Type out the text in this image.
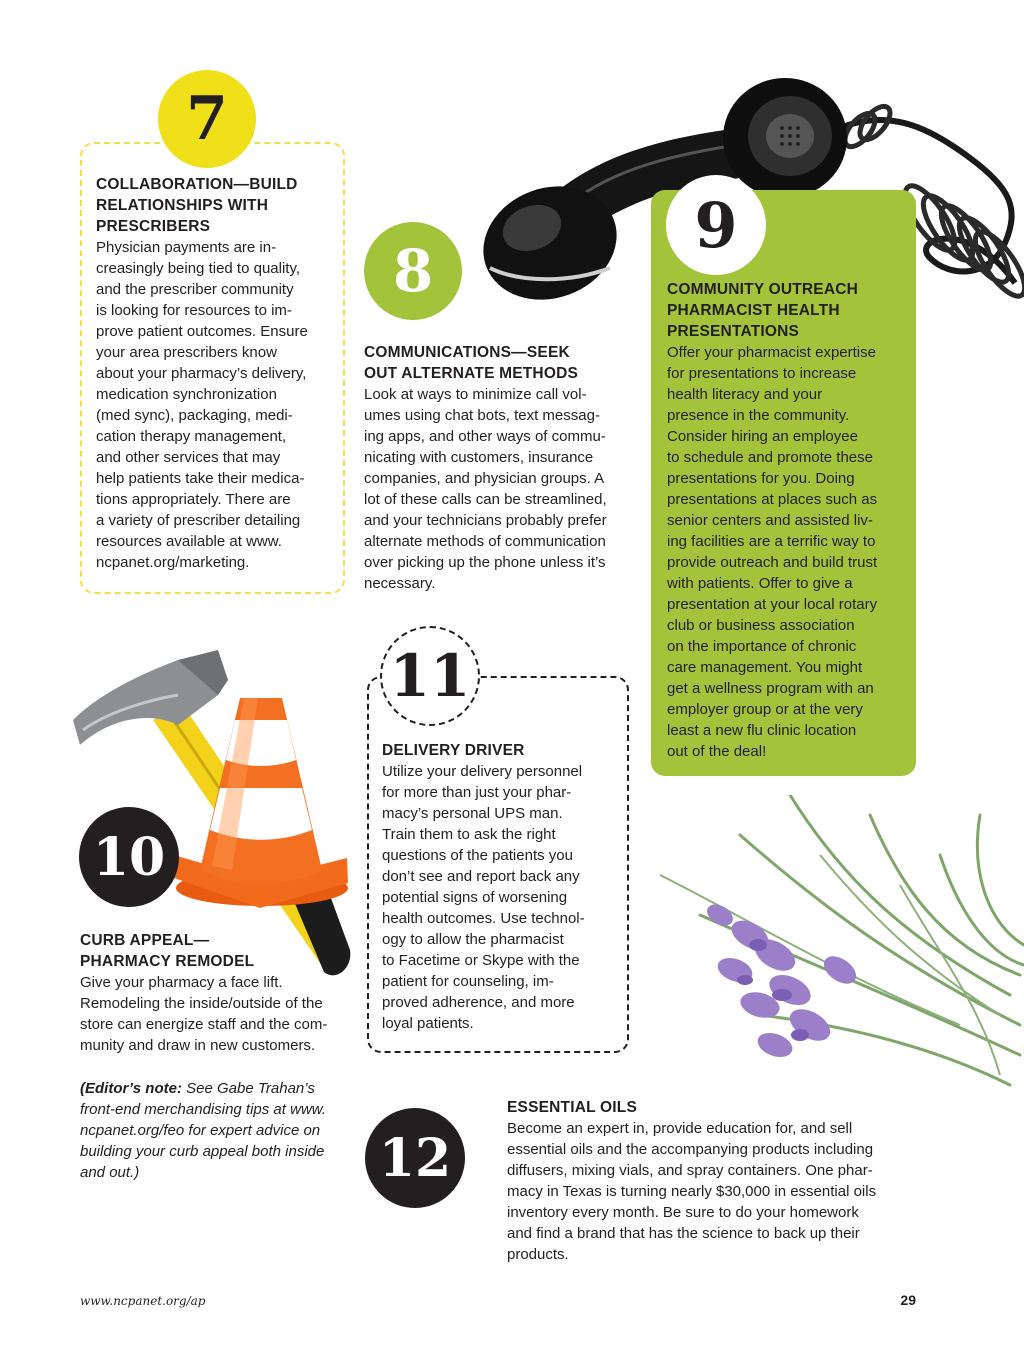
7

COLLABORATION—BUILD
RELATIONSHIPS WITH
PRESCRIBERS

Physician payments are in-
creasingly being tied to quality,
and the prescriber community
is looking for resources to im-
prove patient outcomes. Ensure
your area prescribers know
about your pharmacy’s delivery,
medication synchronization
(med sync), packaging, medi-
cation therapy management,
and other services that may
help patients take their medica-
tions appropriately. There are
a variety of prescriber detailing
resources available at www.
ncpanet.org/marketing.

8

COMMUNICATIONS—SEEK
OUT ALTERNATE METHODS

Look at ways to minimize call vol-
umes using chat bots, text messag-
ing apps, and other ways of commu-
nicating with customers, insurance
companies, and physician groups. A
lot of these calls can be streamlined,
and your technicians probably prefer
alternate methods of communication
over picking up the phone unless it’s
necessary.

9

COMMUNITY OUTREACH
PHARMACIST HEALTH
PRESENTATIONS

Offer your pharmacist expertise
for presentations to increase
health literacy and your
presence in the community.
Consider hiring an employee
to schedule and promote these
presentations for you. Doing
presentations at places such as
senior centers and assisted liv-
ing facilities are a terrific way to
provide outreach and build trust
with patients. Offer to give a
presentation at your local rotary
club or business association
on the importance of chronic
care management. You might
get a wellness program with an
employer group or at the very
least a new flu clinic location
out of the deal!

10

CURB APPEAL—
PHARMACY REMODEL

Give your pharmacy a face lift.
Remodeling the inside/outside of the
store can energize staff and the com-
munity and draw in new customers.

(Editor’s note: See Gabe Trahan’s
front-end merchandising tips at www.
ncpanet.org/feo for expert advice on
building your curb appeal both inside
and out.)

11

DELIVERY DRIVER

Utilize your delivery personnel
for more than just your phar-
macy’s personal UPS man.
Train them to ask the right
questions of the patients you
don’t see and report back any
potential signs of worsening
health outcomes. Use technol-
ogy to allow the pharmacist
to Facetime or Skype with the
patient for counseling, im-
proved adherence, and more
loyal patients.

12

ESSENTIAL OILS

Become an expert in, provide education for, and sell
essential oils and the accompanying products including
diffusers, mixing vials, and spray containers. One phar-
macy in Texas is turning nearly $30,000 in essential oils
inventory every month. Be sure to do your homework
and find a brand that has the science to back up their
products.

www.ncpanet.org/ap	29
